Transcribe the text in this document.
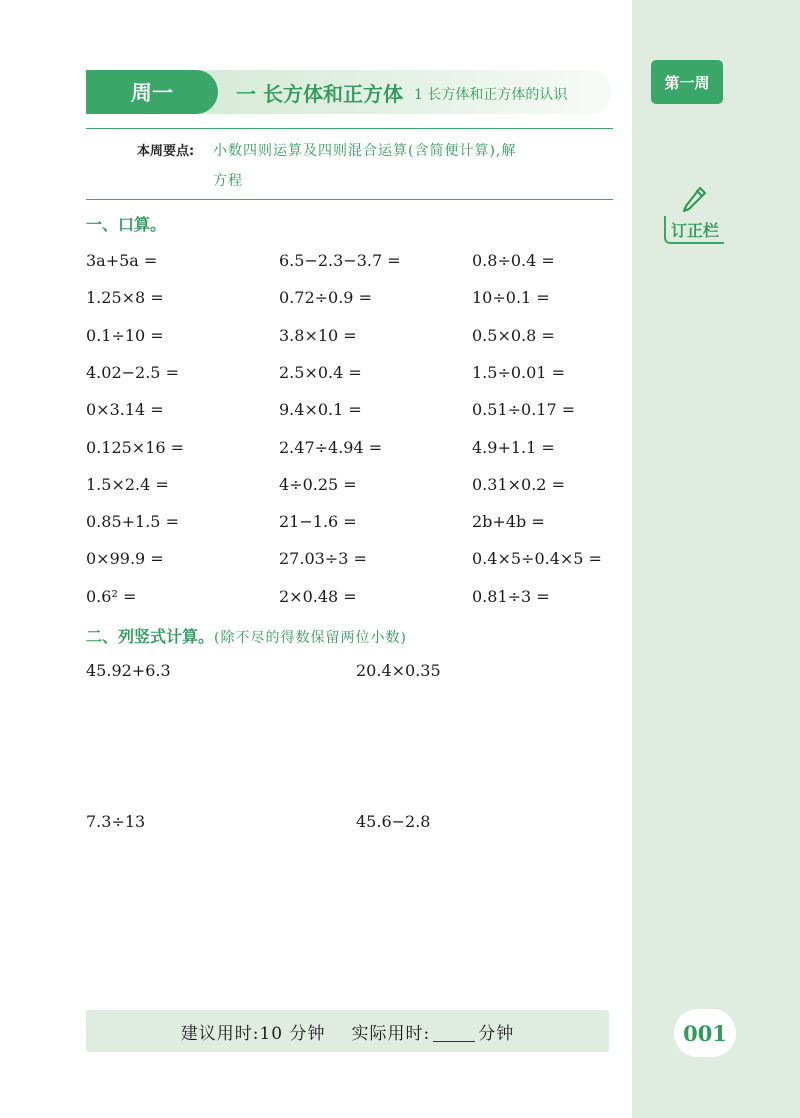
第一周
订正栏
001
周一	一 长方体和正方体 1 长方体和正方体的认识
本周要点: 小数四则运算及四则混合运算(含简便计算),解
方程
一、口算。
3a+5a =	6.5−2.3−3.7 =	0.8÷0.4 =
1.25×8 =	0.72÷0.9 =	10÷0.1 =
0.1÷10 =	3.8×10 =	0.5×0.8 =
4.02−2.5 =	2.5×0.4 =	1.5÷0.01 =
0×3.14 =	9.4×0.1 =	0.51÷0.17 =
0.125×16 =	2.47÷4.94 =	4.9+1.1 =
1.5×2.4 =	4÷0.25 =	0.31×0.2 =
0.85+1.5 =	21−1.6 =	2b+4b =
0×99.9 =	27.03÷3 =	0.4×5÷0.4×5 =
0.6² =	2×0.48 =	0.81÷3 =
二、列竖式计算。(除不尽的得数保留两位小数)
45.92+6.3	20.4×0.35
7.3÷13	45.6−2.8
建议用时:10 分钟 实际用时:	分钟
